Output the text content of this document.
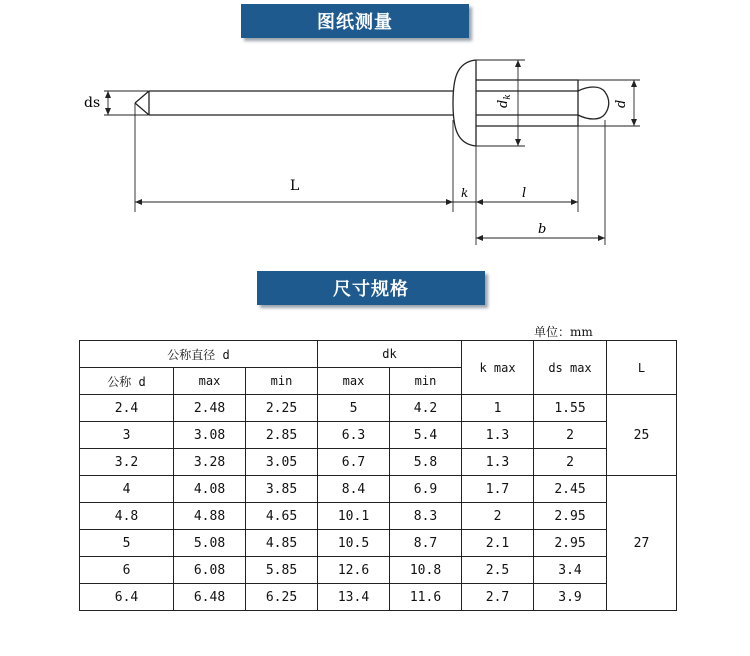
图纸测量
ds	$d_k$
d
L	k	l
b
尺寸规格
单位：mm
公称直径 d			dk		k max	ds max	L
公称 d	max	min	max	min			
2.4	2.48	2.25	5	4.2	1	1.55	25
3	3.08	2.85	6.3	5.4	1.3	2	
3.2	3.28	3.05	6.7	5.8	1.3	2	
4	4.08	3.85	8.4	6.9	1.7	2.45	27
4.8	4.88	4.65	10.1	8.3	2	2.95	
5	5.08	4.85	10.5	8.7	2.1	2.95	
6	6.08	5.85	12.6	10.8	2.5	3.4	
6.4	6.48	6.25	13.4	11.6	2.7	3.9	
